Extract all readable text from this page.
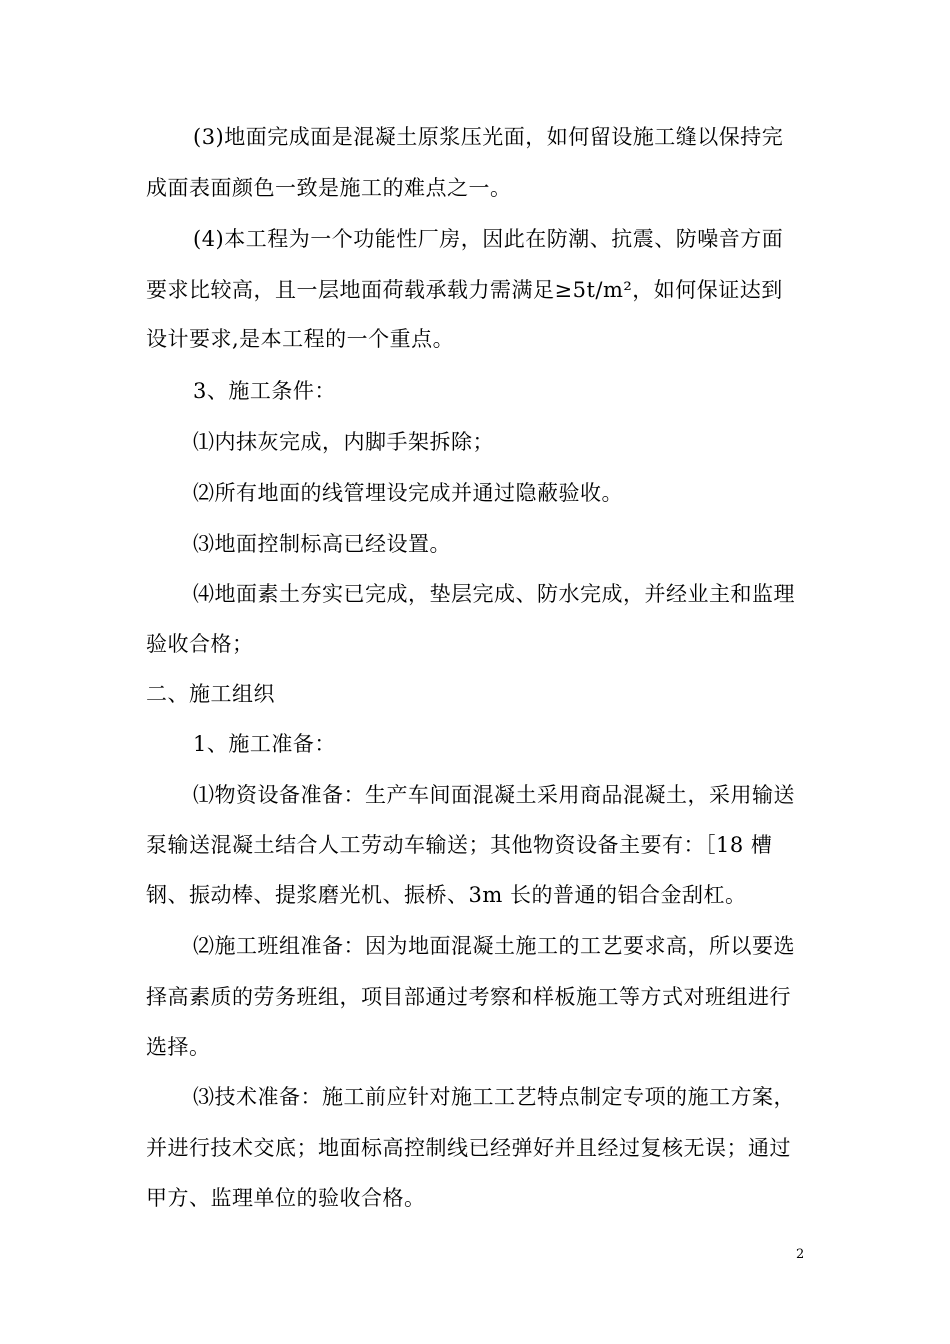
(3)地面完成面是混凝土原浆压光面，如何留设施工缝以保持完

成面表面颜色一致是施工的难点之一。

(4)本工程为一个功能性厂房，因此在防潮、抗震、防噪音方面

要求比较高，且一层地面荷载承载力需满足≥5t/m²，如何保证达到

设计要求,是本工程的一个重点。

3、施工条件：

⑴内抹灰完成，内脚手架拆除；

⑵所有地面的线管埋设完成并通过隐蔽验收。

⑶地面控制标高已经设置。

⑷地面素土夯实已完成，垫层完成、防水完成，并经业主和监理

验收合格；

二、施工组织

1、施工准备：

⑴物资设备准备：生产车间面混凝土采用商品混凝土，采用输送

泵输送混凝土结合人工劳动车输送；其他物资设备主要有：［18 槽

钢、振动棒、提浆磨光机、振桥、3m 长的普通的铝合金刮杠。

⑵施工班组准备：因为地面混凝土施工的工艺要求高，所以要选

择高素质的劳务班组，项目部通过考察和样板施工等方式对班组进行

选择。

⑶技术准备：施工前应针对施工工艺特点制定专项的施工方案，

并进行技术交底；地面标高控制线已经弹好并且经过复核无误；通过

甲方、监理单位的验收合格。

2
